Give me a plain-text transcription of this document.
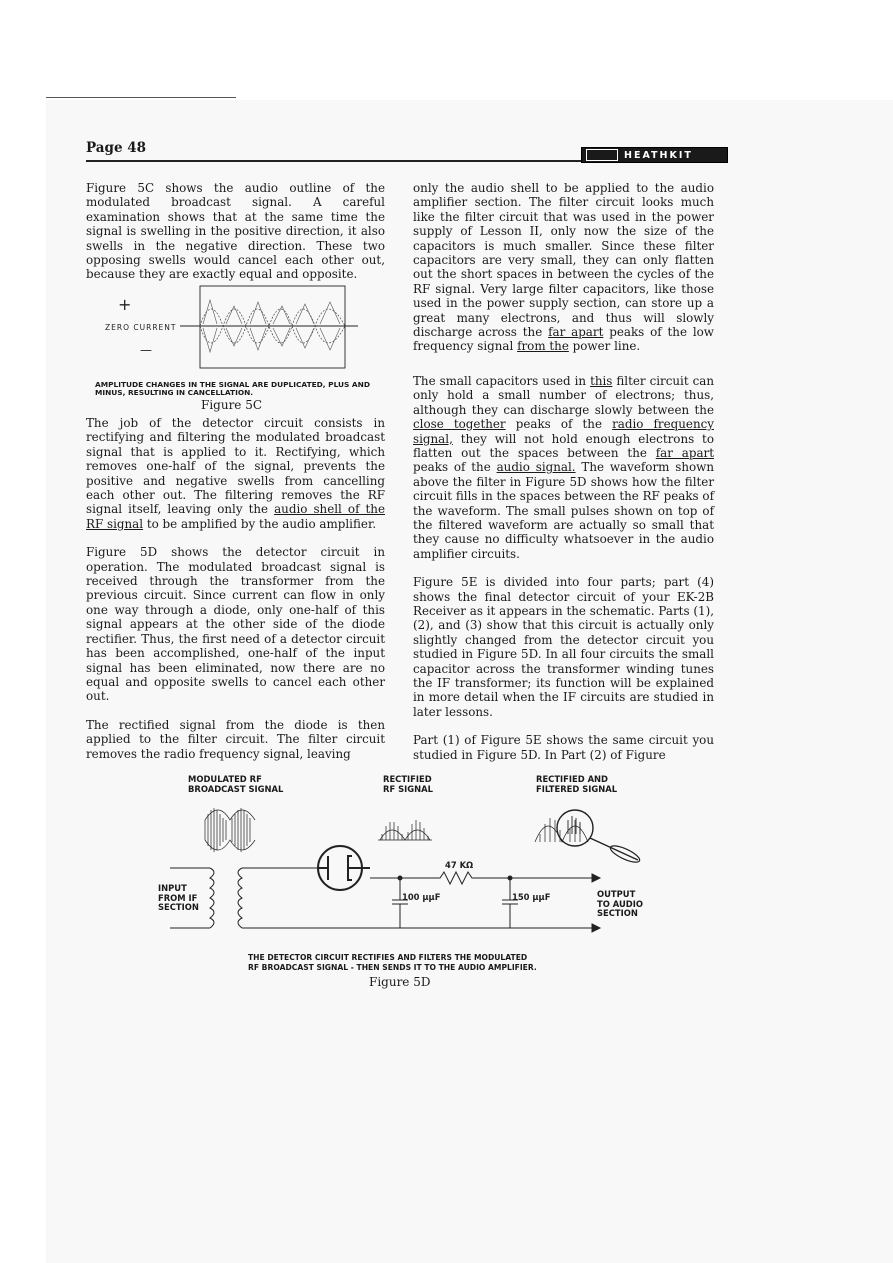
Page 48	HEATHKIT

Figure 5C shows the audio outline of the modulated broadcast signal. A careful examination shows that at the same time the signal is swelling in the positive direction, it also swells in the negative direction. These two opposing swells would cancel each other out, because they are exactly equal and opposite.

+
ZERO CURRENT
—
AMPLITUDE CHANGES IN THE SIGNAL ARE DUPLICATED, PLUS AND MINUS, RESULTING IN CANCELLATION.
Figure 5C

The job of the detector circuit consists in rectifying and filtering the modulated broadcast signal that is applied to it. Rectifying, which removes one-half of the signal, prevents the positive and negative swells from cancelling each other out. The filtering removes the RF signal itself, leaving only the audio shell of the RF signal to be amplified by the audio amplifier.

Figure 5D shows the detector circuit in operation. The modulated broadcast signal is received through the transformer from the previous circuit. Since current can flow in only one way through a diode, only one-half of this signal appears at the other side of the diode rectifier. Thus, the first need of a detector circuit has been accomplished, one-half of the input signal has been eliminated, now there are no equal and opposite swells to cancel each other out.

The rectified signal from the diode is then applied to the filter circuit. The filter circuit removes the radio frequency signal, leaving

only the audio shell to be applied to the audio amplifier section. The filter circuit looks much like the filter circuit that was used in the power supply of Lesson II, only now the size of the capacitors is much smaller. Since these filter capacitors are very small, they can only flatten out the short spaces in between the cycles of the RF signal. Very large filter capacitors, like those used in the power supply section, can store up a great many electrons, and thus will slowly discharge across the far apart peaks of the low frequency signal from the power line.

The small capacitors used in this filter circuit can only hold a small number of electrons; thus, although they can discharge slowly between the close together peaks of the radio frequency signal, they will not hold enough electrons to flatten out the spaces between the far apart peaks of the audio signal. The waveform shown above the filter in Figure 5D shows how the filter circuit fills in the spaces between the RF peaks of the waveform. The small pulses shown on top of the filtered waveform are actually so small that they cause no difficulty whatsoever in the audio amplifier circuits.

Figure 5E is divided into four parts; part (4) shows the final detector circuit of your EK-2B Receiver as it appears in the schematic. Parts (1), (2), and (3) show that this circuit is actually only slightly changed from the detector circuit you studied in Figure 5D. In all four circuits the small capacitor across the transformer winding tunes the IF transformer; its function will be explained in more detail when the IF circuits are studied in later lessons.

Part (1) of Figure 5E shows the same circuit you studied in Figure 5D. In Part (2) of Figure

MODULATED RF
BROADCAST SIGNAL
RECTIFIED
RF SIGNAL
RECTIFIED AND
FILTERED SIGNAL
47 KΩ
100 μμF	150 μμF
INPUT
FROM IF
SECTION
OUTPUT
TO AUDIO
SECTION
THE DETECTOR CIRCUIT RECTIFIES AND FILTERS THE MODULATED
RF BROADCAST SIGNAL - THEN SENDS IT TO THE AUDIO AMPLIFIER.
Figure 5D
